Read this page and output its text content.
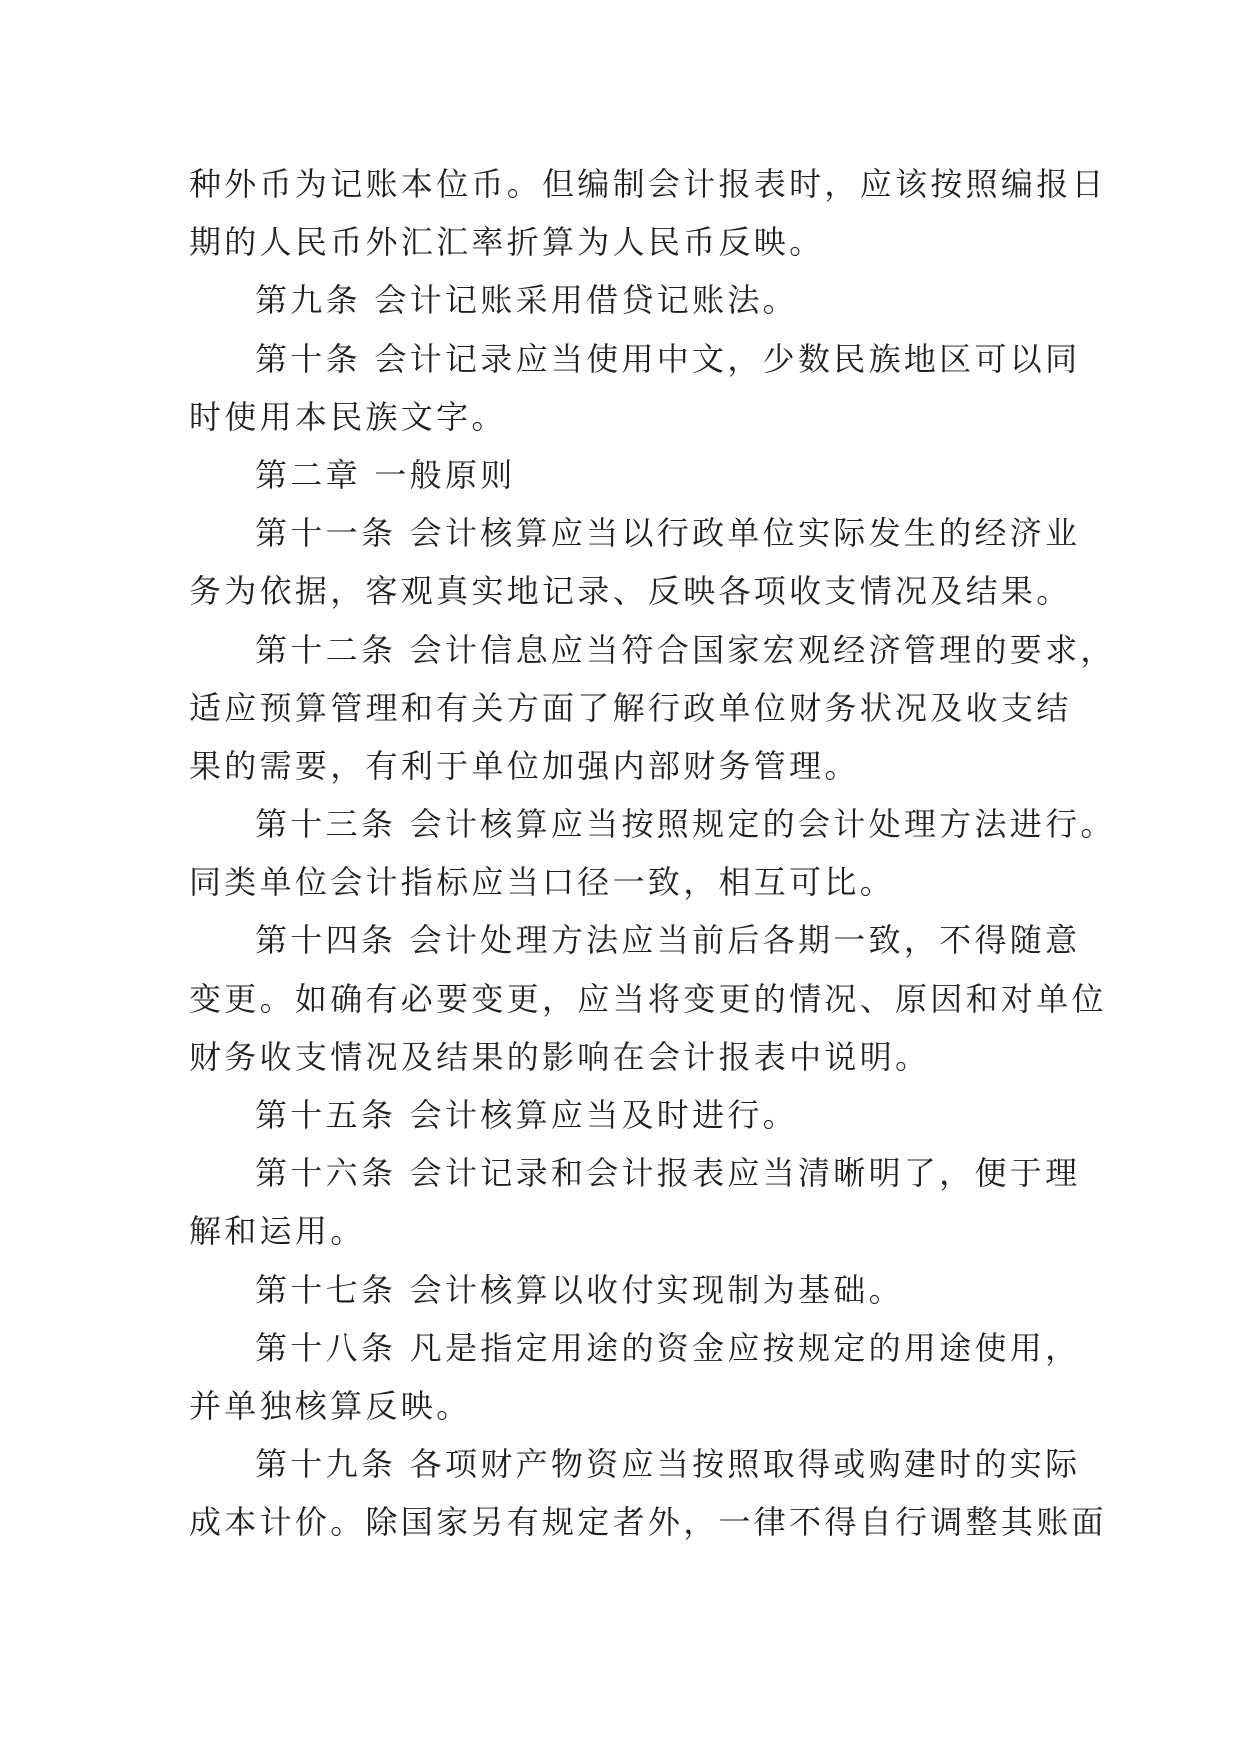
种外币为记账本位币。但编制会计报表时，应该按照编报日
期的人民币外汇汇率折算为人民币反映。
第九条 会计记账采用借贷记账法。
第十条 会计记录应当使用中文，少数民族地区可以同
时使用本民族文字。
第二章 一般原则
第十一条 会计核算应当以行政单位实际发生的经济业
务为依据，客观真实地记录、反映各项收支情况及结果。
第十二条 会计信息应当符合国家宏观经济管理的要求，
适应预算管理和有关方面了解行政单位财务状况及收支结
果的需要，有利于单位加强内部财务管理。
第十三条 会计核算应当按照规定的会计处理方法进行。
同类单位会计指标应当口径一致，相互可比。
第十四条 会计处理方法应当前后各期一致，不得随意
变更。如确有必要变更，应当将变更的情况、原因和对单位
财务收支情况及结果的影响在会计报表中说明。
第十五条 会计核算应当及时进行。
第十六条 会计记录和会计报表应当清晰明了，便于理
解和运用。
第十七条 会计核算以收付实现制为基础。
第十八条 凡是指定用途的资金应按规定的用途使用，
并单独核算反映。
第十九条 各项财产物资应当按照取得或购建时的实际
成本计价。除国家另有规定者外，一律不得自行调整其账面
